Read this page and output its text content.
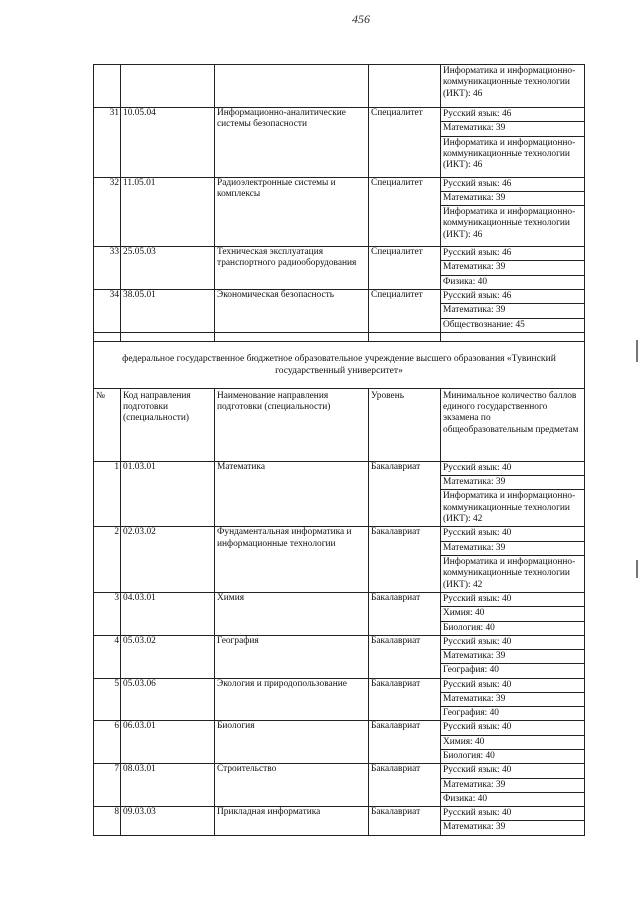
456
				Информатика и информационно-коммуникационные технологии (ИКТ): 46
31	10.05.04	Информационно-аналитические системы безопасности	Специалитет	Русский язык: 46
				Математика: 39
				Информатика и информационно-коммуникационные технологии (ИКТ): 46
32	11.05.01	Радиоэлектронные системы и комплексы	Специалитет	Русский язык: 46
				Математика: 39
				Информатика и информационно-коммуникационные технологии (ИКТ): 46
33	25.05.03	Техническая эксплуатация транспортного радиооборудования	Специалитет	Русский язык: 46
				Математика: 39
				Физика: 40
34	38.05.01	Экономическая безопасность	Специалитет	Русский язык: 46
				Математика: 39
				Обществознание: 45

федеральное государственное бюджетное образовательное учреждение высшего образования «Тувинский государственный университет»				
№	Код направления подготовки (специальности)	Наименование направления подготовки (специальности)	Уровень	Минимальное количество баллов единого государственного экзамена по общеобразовательным предметам
1	01.03.01	Математика	Бакалавриат	Русский язык: 40
				Математика: 39
				Информатика и информационно-коммуникационные технологии (ИКТ): 42
2	02.03.02	Фундаментальная информатика и информационные технологии	Бакалавриат	Русский язык: 40
				Математика: 39
				Информатика и информационно-коммуникационные технологии (ИКТ): 42
3	04.03.01	Химия	Бакалавриат	Русский язык: 40
				Химия: 40
				Биология: 40
4	05.03.02	География	Бакалавриат	Русский язык: 40
				Математика: 39
				География: 40
5	05.03.06	Экология и природопользование	Бакалавриат	Русский язык: 40
				Математика: 39
				География: 40
6	06.03.01	Биология	Бакалавриат	Русский язык: 40
				Химия: 40
				Биология: 40
7	08.03.01	Строительство	Бакалавриат	Русский язык: 40
				Математика: 39
				Физика: 40
8	09.03.03	Прикладная информатика	Бакалавриат	Русский язык: 40
				Математика: 39
